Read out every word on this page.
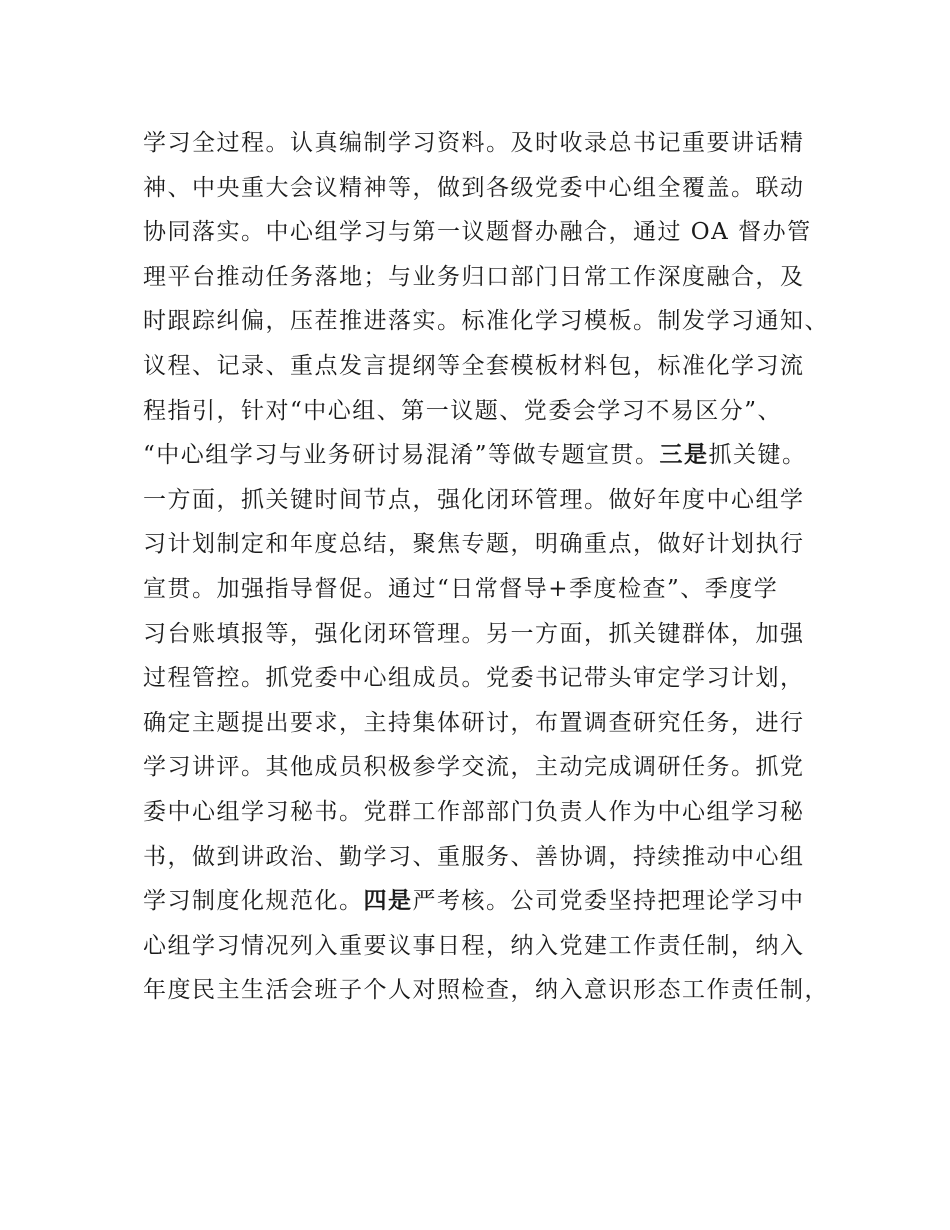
学习全过程。认真编制学习资料。及时收录总书记重要讲话精
神、中央重大会议精神等，做到各级党委中心组全覆盖。联动
协同落实。中心组学习与第一议题督办融合，通过 OA 督办管
理平台推动任务落地；与业务归口部门日常工作深度融合，及
时跟踪纠偏，压茬推进落实。标准化学习模板。制发学习通知、
议程、记录、重点发言提纲等全套模板材料包，标准化学习流
程指引，针对“中心组、第一议题、党委会学习不易区分”、
“中心组学习与业务研讨易混淆”等做专题宣贯。三是抓关键。
一方面，抓关键时间节点，强化闭环管理。做好年度中心组学
习计划制定和年度总结，聚焦专题，明确重点，做好计划执行
宣贯。加强指导督促。通过“日常督导+季度检查”、季度学
习台账填报等，强化闭环管理。另一方面，抓关键群体，加强
过程管控。抓党委中心组成员。党委书记带头审定学习计划，
确定主题提出要求，主持集体研讨，布置调查研究任务，进行
学习讲评。其他成员积极参学交流，主动完成调研任务。抓党
委中心组学习秘书。党群工作部部门负责人作为中心组学习秘
书，做到讲政治、勤学习、重服务、善协调，持续推动中心组
学习制度化规范化。四是严考核。公司党委坚持把理论学习中
心组学习情况列入重要议事日程，纳入党建工作责任制，纳入
年度民主生活会班子个人对照检查，纳入意识形态工作责任制，
